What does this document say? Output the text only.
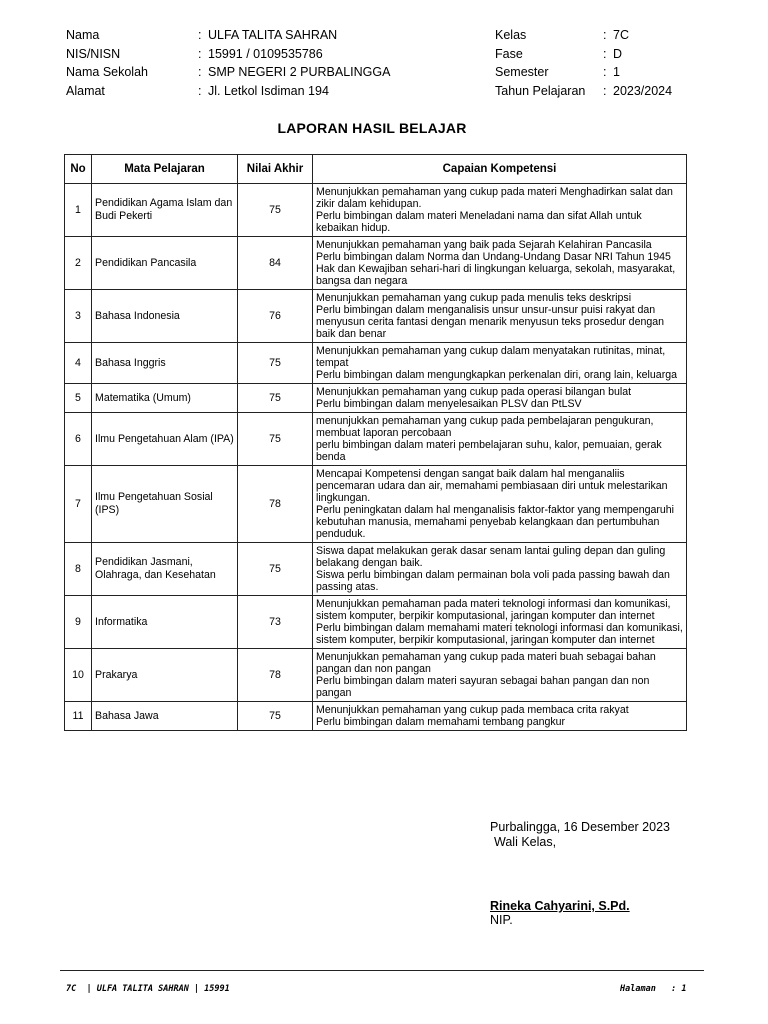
Nama	: ULFA TALITA SAHRAN
NIS/NISN	: 15991 / 0109535786
Nama Sekolah	: SMP NEGERI 2 PURBALINGGA
Alamat	: Jl. Letkol Isdiman 194
Kelas	: 7C
Fase	: D
Semester	: 1
Tahun Pelajaran	: 2023/2024
LAPORAN HASIL BELAJAR
No	Mata Pelajaran	Nilai Akhir	Capaian Kompetensi
1	Pendidikan Agama Islam dan Budi Pekerti	75	Menunjukkan pemahaman yang cukup pada materi Menghadirkan salat dan zikir dalam kehidupan.
Perlu bimbingan dalam materi Meneladani nama dan sifat Allah untuk kebaikan hidup.

2	Pendidikan Pancasila	84	Menunjukkan pemahaman yang baik pada Sejarah Kelahiran Pancasila
Perlu bimbingan dalam Norma dan Undang-Undang Dasar NRI Tahun 1945 Hak dan Kewajiban sehari-hari di lingkungan keluarga, sekolah, masyarakat, bangsa dan negara

3	Bahasa Indonesia	76	Menunjukkan pemahaman yang cukup pada menulis teks deskripsi
Perlu bimbingan dalam menganalisis unsur unsur-unsur puisi rakyat dan menyusun cerita fantasi dengan menarik menyusun teks prosedur dengan baik dan benar

4	Bahasa Inggris	75	Menunjukkan pemahaman yang cukup dalam menyatakan rutinitas, minat, tempat
Perlu bimbingan dalam mengungkapkan perkenalan diri, orang lain, keluarga

5	Matematika (Umum)	75	Menunjukkan pemahaman yang cukup pada operasi bilangan bulat
Perlu bimbingan dalam menyelesaikan PLSV dan PtLSV

6	Ilmu Pengetahuan Alam (IPA)	75	menunjukkan pemahaman yang cukup pada pembelajaran pengukuran, membuat laporan percobaan
perlu bimbingan dalam materi pembelajaran suhu, kalor, pemuaian, gerak benda

7	Ilmu Pengetahuan Sosial (IPS)	78	Mencapai Kompetensi dengan sangat baik dalam hal menganaliis pencemaran udara dan air, memahami pembiasaan diri untuk melestarikan lingkungan.
Perlu peningkatan dalam hal menganalisis faktor-faktor yang mempengaruhi kebutuhan manusia, memahami penyebab kelangkaan dan pertumbuhan penduduk.

8	Pendidikan Jasmani, Olahraga, dan Kesehatan	75	Siswa dapat melakukan gerak dasar senam lantai guling depan dan guling belakang dengan baik.
Siswa perlu bimbingan dalam permainan bola voli pada passing bawah dan passing atas.

9	Informatika	73	Menunjukkan pemahaman pada materi teknologi informasi dan komunikasi, sistem komputer, berpikir komputasional, jaringan komputer dan internet
Perlu bimbingan dalam memahami materi teknologi informasi dan komunikasi, sistem komputer, berpikir komputasional, jaringan komputer dan internet

10	Prakarya	78	Menunjukkan pemahaman yang cukup pada materi buah sebagai bahan pangan dan non pangan
Perlu bimbingan dalam materi sayuran sebagai bahan pangan dan non pangan

11	Bahasa Jawa	75	Menunjukkan pemahaman yang cukup pada membaca crita rakyat
Perlu bimbingan dalam memahami tembang pangkur
Purbalingga, 16 Desember 2023
Wali Kelas,
Rineka Cahyarini, S.Pd.
NIP.
7C  | ULFA TALITA SAHRAN | 15991	Halaman   : 1
